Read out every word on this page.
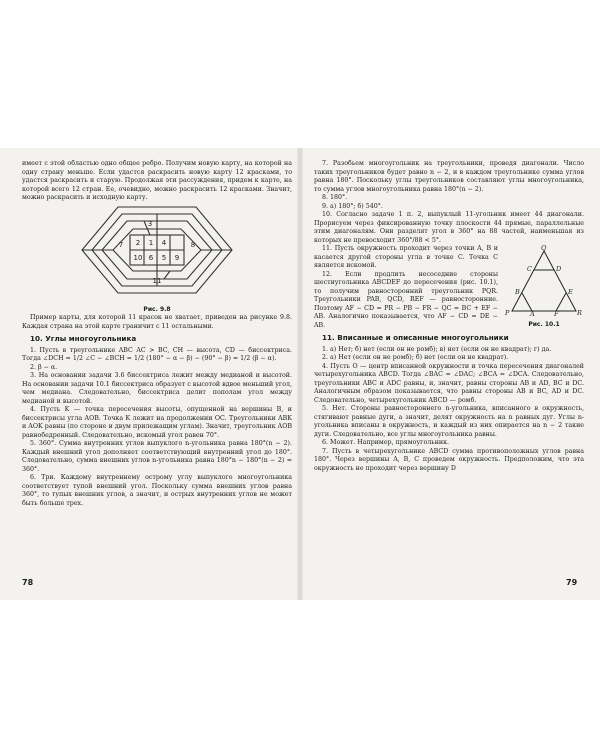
имеет с этой областью одно общее ребро. Получим новую карту, на которой на одну страну меньше. Если удастся раскрасить новую карту 12 красками, то удастся раскрасить и старую. Продолжая эти рассуждения, придем к карте, на которой всего 12 стран. Ее, очевидно, можно раскрасить 12 красками. Значит, можно раскрасить и исходную карту.

3
2 1 4
9
5
6
7	8
10
11
Рис. 9.8

Пример карты, для которой 11 красок не хватает, приведен на рисунке 9.8. Каждая страна на этой карте граничит с 11 остальными.

10. Углы многоугольника

1. Пусть в треугольнике ABC AC > BC, CH — высота, CD — биссектриса. Тогда ∠DCH = 1/2 ∠C − ∠BCH = 1/2 (180° − α − β) − (90° − β) = 1/2 (β − α).

2. β − α.

3. На основании задачи 3.6 биссектриса лежит между медианой и высотой. На основании задачи 10.1 биссектриса образует с высотой вдвое меньший угол, чем медиана. Следовательно, биссектриса делит пополам угол между медианой и высотой.

4. Пусть K — точка пересечения высоты, опущенной на вершины B, и биссектрисы угла AOB. Точка K лежит на продолжении OC. Треугольники ABK и AOK равны (по стороне и двум прилежащим углам). Значит, треугольник AOB равнобедренный. Следовательно, искомый угол равен 70°.

5. 360°. Сумма внутренних углов выпуклого n-угольника равна 180°(n − 2). Каждый внешний угол дополняет соответствующий внутренний угол до 180°. Следовательно, сумма внешних углов n-угольника равна 180°n − 180°(n − 2) = 360°.

6. Три. Каждому внутреннему острому углу выпуклого многоугольника соответствует тупой внешний угол. Поскольку сумма внешних углов равна 360°, то тупых внешних углов, а значит, и острых внутренних углов не может быть больше трех.

78

7. Разобьем многоугольник на треугольники, проведя диагонали. Число таких треугольников будет равно n − 2, и в каждом треугольнике сумма углов равна 180°. Поскольку углы треугольников составляют углы многоугольника, то сумма углов многоугольника равна 180°(n − 2).

8. 180°.

9. a) 180°; б) 540°.

10. Согласно задаче 1 п. 2, выпуклый 11-угольник имеет 44 диагонали. Прорисуем через фиксированную точку плоскости 44 прямые, параллельные этим диагоналям. Они разделят угол в 360° на 88 частей, наименьшая из которых не превосходит 360°/88 < 5°.

11. Пусть окружность проходит через точки A, B и касается другой стороны угла в точке C. Точка C является искомой.

12. Если продлить несоседние стороны шестиугольника ABCDEF до пересечения (рис. 10.1), то получим равносторонний треугольник PQR. Треугольники PAB, QCD, REF — равносторонние. Поэтому AF − CD = PR − PB − FR − QC = BC + EF − AB. Аналогично показывается, что AF − CD = DE − AB.

Q
C	D
B	E
P	A	F	R
Рис. 10.1
11. Вписанные и описанные многоугольники

1. а) Нет; б) нет (если он не ромб); в) нет (если он не квадрат); г) да.

2. а) Нет (если он не ромб); б) нет (если он не квадрат).

4. Пусть O — центр вписанной окружности и точка пересечения диагоналей четырехугольника ABCD. Тогда ∠BAC = ∠DAC; ∠BCA = ∠DCA. Следовательно, треугольники ABC и ADC равны, и, значит, равны стороны AB и AD, BC и DC. Аналогичным образом показывается, что равны стороны AB и BC, AD и DC. Следовательно, четырехугольник ABCD — ромб.

5. Нет. Стороны равностороннего n-угольника, вписанного в окружность, стягивают равные дуги, а значит, делят окружность на n равных дуг. Углы n-угольника вписаны в окружность, и каждый из них опирается на n − 2 такие дуги. Следовательно, все углы многоугольника равны.

6. Может. Например, прямоугольник.

7. Пусть в четырехугольнике ABCD сумма противоположных углов равна 180°. Через вершины A, B, C проведем окружность. Предположим, что эта окружность не проходит через вершину D

79
